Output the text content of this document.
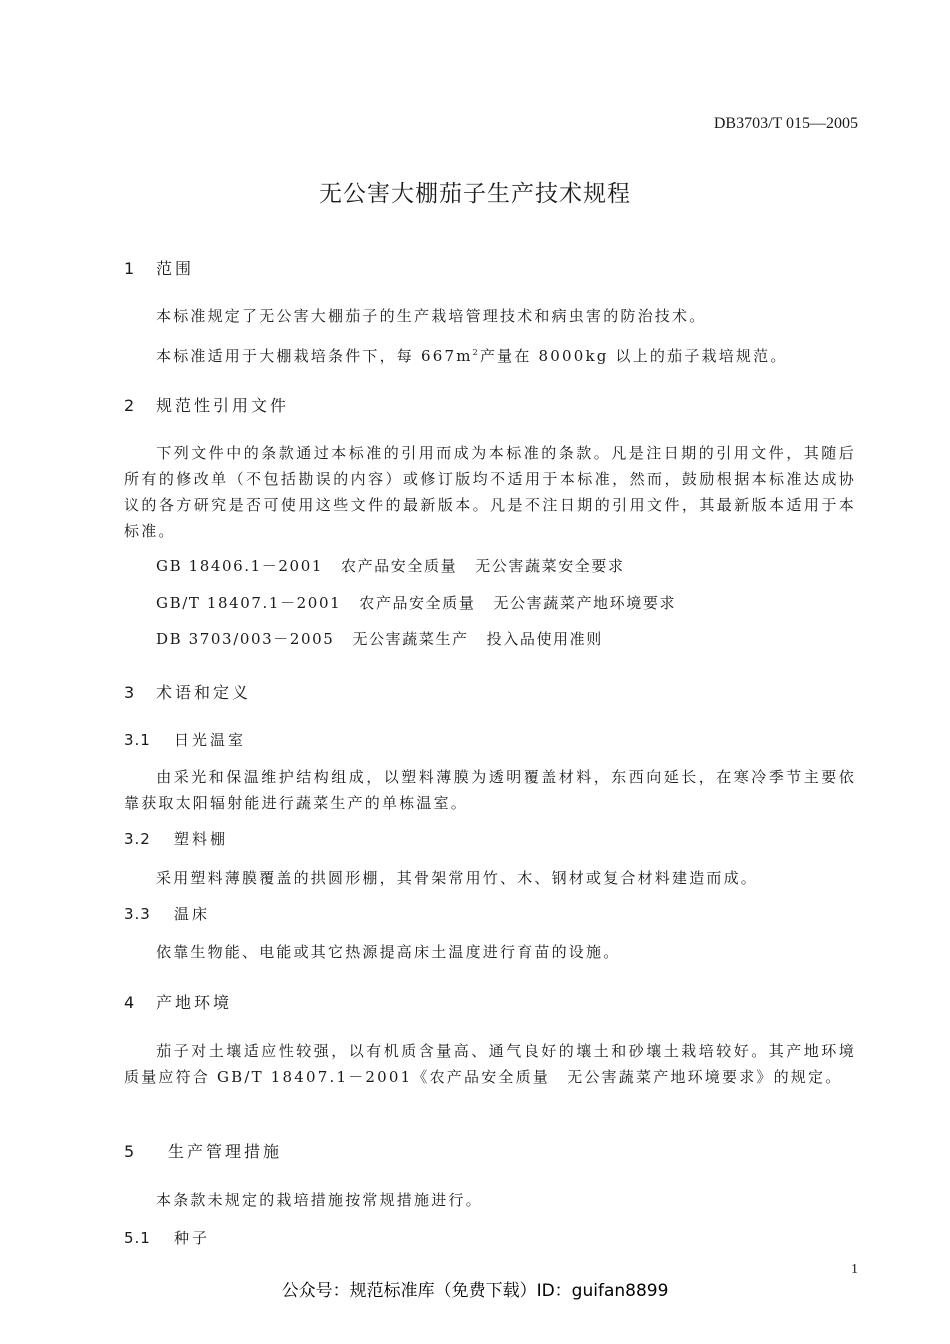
DB3703/T 015—2005
无公害大棚茄子生产技术规程
1 范围
本标准规定了无公害大棚茄子的生产栽培管理技术和病虫害的防治技术。
本标准适用于大棚栽培条件下，每 $667m^2$产量在 8000kg 以上的茄子栽培规范。
2 规范性引用文件
下列文件中的条款通过本标准的引用而成为本标准的条款。凡是注日期的引用文件，其随后所有的修改单（不包括勘误的内容）或修订版均不适用于本标准，然而，鼓励根据本标准达成协议的各方研究是否可使用这些文件的最新版本。凡是不注日期的引用文件，其最新版本适用于本标准。
GB 18406.1－2001 农产品安全质量 无公害蔬菜安全要求
GB/T 18407.1－2001 农产品安全质量 无公害蔬菜产地环境要求
DB 3703/003－2005 无公害蔬菜生产 投入品使用准则
3 术语和定义
3.1 日光温室
由采光和保温维护结构组成，以塑料薄膜为透明覆盖材料，东西向延长，在寒冷季节主要依靠获取太阳辐射能进行蔬菜生产的单栋温室。
3.2 塑料棚
采用塑料薄膜覆盖的拱圆形棚，其骨架常用竹、木、钢材或复合材料建造而成。
3.3 温床
依靠生物能、电能或其它热源提高床土温度进行育苗的设施。
4 产地环境
茄子对土壤适应性较强，以有机质含量高、通气良好的壤土和砂壤土栽培较好。其产地环境质量应符合 GB/T 18407.1－2001《农产品安全质量　无公害蔬菜产地环境要求》的规定。
5 生产管理措施
本条款未规定的栽培措施按常规措施进行。
5.1 种子
1
公众号：规范标准库（免费下载）ID：guifan8899
